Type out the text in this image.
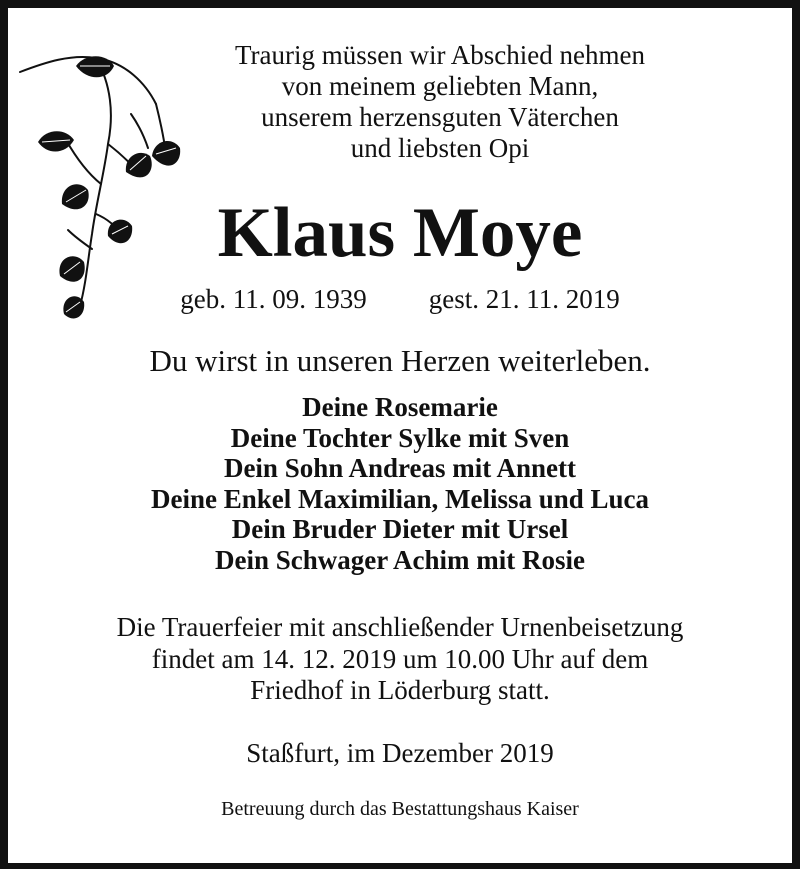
Traurig müssen wir Abschied nehmen
von meinem geliebten Mann,
unserem herzensguten Väterchen
und liebsten Opi
Klaus Moye
geb. 11. 09. 1939 gest. 21. 11. 2019
Du wirst in unseren Herzen weiterleben.
Deine Rosemarie
Deine Tochter Sylke mit Sven
Dein Sohn Andreas mit Annett
Deine Enkel Maximilian, Melissa und Luca
Dein Bruder Dieter mit Ursel
Dein Schwager Achim mit Rosie
Die Trauerfeier mit anschließender Urnenbeisetzung
findet am 14. 12. 2019 um 10.00 Uhr auf dem
Friedhof in Löderburg statt.
Staßfurt, im Dezember 2019
Betreuung durch das Bestattungshaus Kaiser
